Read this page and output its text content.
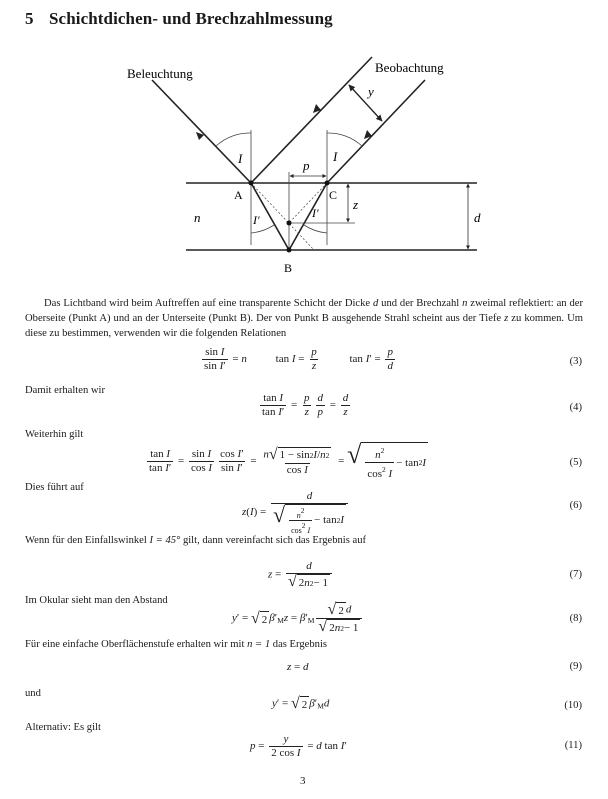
5 Schichtdichen- und Brechzahlmessung
Beleuchtung	Beobachtung
A	C
B
I	I
I′	I′
n
p
z
d
y
Das Lichtband wird beim Auftreffen auf eine transparente Schicht der Dicke d und der Brechzahl n zweimal reflektiert: an der Oberseite (Punkt A) und an der Unterseite (Punkt B). Der von Punkt B ausgehende Strahl scheint aus der Tiefe z zu kommen. Um diese zu bestimmen, verwenden wir die folgenden Relationen
$\frac{\text{sin I}}{\text{sin I′}} = n$	$\tan I = \frac{p}{z}$	$\tan I' = \frac{p}{d}$	(3)
Damit erhalten wir
$\frac{\text{tan I}}{\text{tan I′}} = \frac{p}{z} \frac{d}{p} = \frac{d}{z}$	(4)
Weiterhin gilt
$\frac{\text{tan I}}{\text{tan I′}} = \frac{\text{sin I}}{\text{cos I}} \frac{\text{cos I′}}{\text{sin I′}} = \frac{n √ 1 - \sin 2 I / n 2}{\text{cos I}}$ = √ $\frac{n^2}{\cos^2 I} - \tan 2$ I	(5)
Dies führt auf
$z(I) = \frac{d}{√ \frac{n^2}{\cos^2 I} - \tan 2 I}$	(6)
Wenn für den Einfallswinkel I = 45° gilt, dann vereinfacht sich das Ergebnis auf
$z = \frac{d}{√ 2 n 2 - 1}$	(7)
Im Okular sieht man den Abstand
y′ = √ 2 $\beta'_Mz = \beta'_M \frac{√ 2 d}{√ 2 n 2 - 1}$	(8)
Für eine einfache Oberflächenstufe erhalten wir mit n = 1 das Ergebnis
z = d	(9)
und
y′ = √ 2 $\beta'_Md$	(10)
Alternativ: Es gilt
$p = \frac{y}{\text{2 cos I}} = d$ tan I′	(11)
3
